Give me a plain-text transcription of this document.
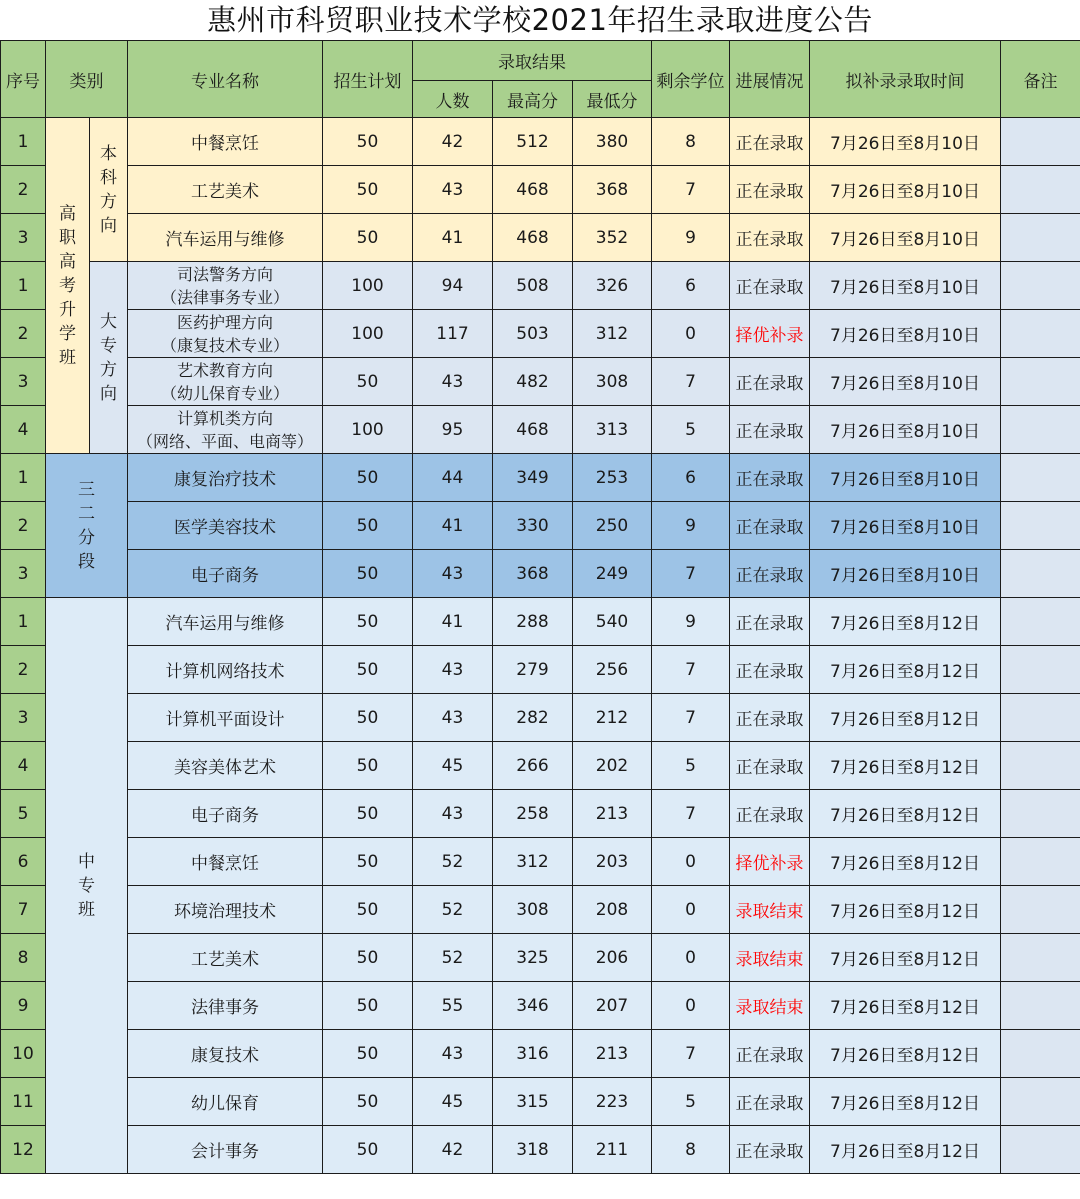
惠州市科贸职业技术学校2021年招生录取进度公告
序号	类别		专业名称	招生计划	录取结果			剩余学位	进展情况	拟补录录取时间	备注
					人数	最高分	最低分				
1	高职高考升学班	本科方向	中餐烹饪	50	42	512	380	8	正在录取	7月26日至8月10日	
2			工艺美术	50	43	468	368	7	正在录取	7月26日至8月10日	
3			汽车运用与维修	50	41	468	352	9	正在录取	7月26日至8月10日	
1		大专方向	司法警务方向
（法律事务专业）	100	94	508	326	6	正在录取	7月26日至8月10日	
2			医药护理方向
（康复技术专业）	100	117	503	312	0	择优补录	7月26日至8月10日	
3			艺术教育方向
（幼儿保育专业）	50	43	482	308	7	正在录取	7月26日至8月10日	
4			计算机类方向
（网络、平面、电商等）	100	95	468	313	5	正在录取	7月26日至8月10日	
1	三二分段		康复治疗技术	50	44	349	253	6	正在录取	7月26日至8月10日	
2			医学美容技术	50	41	330	250	9	正在录取	7月26日至8月10日	
3			电子商务	50	43	368	249	7	正在录取	7月26日至8月10日	
1	中专班		汽车运用与维修	50	41	288	540	9	正在录取	7月26日至8月12日	
2			计算机网络技术	50	43	279	256	7	正在录取	7月26日至8月12日	
3			计算机平面设计	50	43	282	212	7	正在录取	7月26日至8月12日	
4			美容美体艺术	50	45	266	202	5	正在录取	7月26日至8月12日	
5			电子商务	50	43	258	213	7	正在录取	7月26日至8月12日	
6			中餐烹饪	50	52	312	203	0	择优补录	7月26日至8月12日	
7			环境治理技术	50	52	308	208	0	录取结束	7月26日至8月12日	
8			工艺美术	50	52	325	206	0	录取结束	7月26日至8月12日	
9			法律事务	50	55	346	207	0	录取结束	7月26日至8月12日	
10			康复技术	50	43	316	213	7	正在录取	7月26日至8月12日	
11			幼儿保育	50	45	315	223	5	正在录取	7月26日至8月12日	
12			会计事务	50	42	318	211	8	正在录取	7月26日至8月12日	
